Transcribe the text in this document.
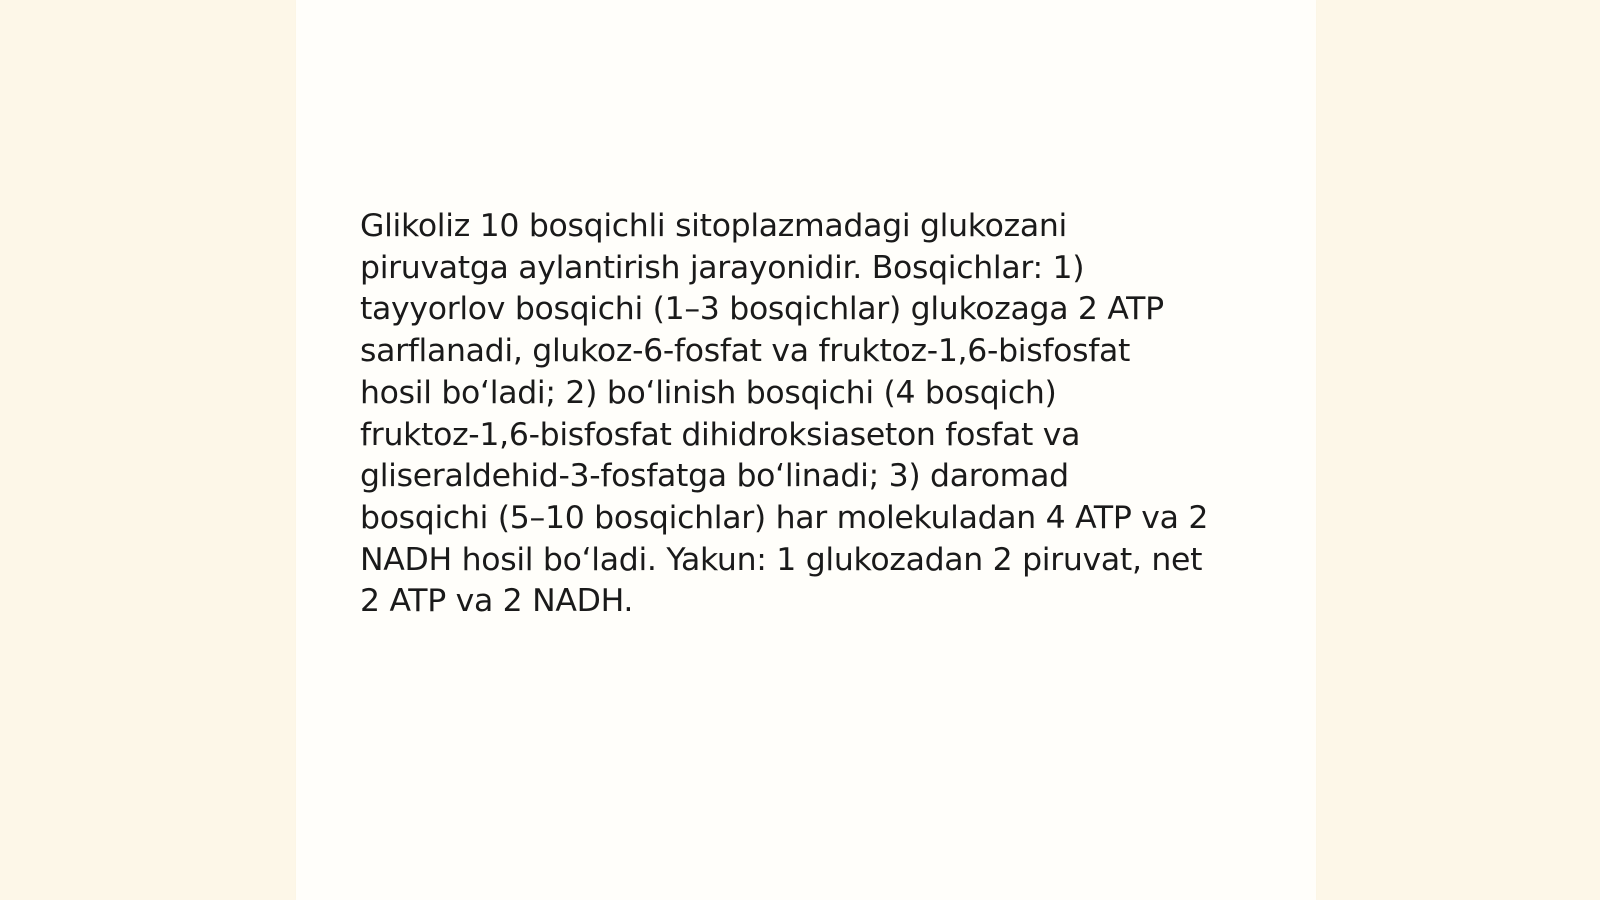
Glikoliz 10 bosqichli sitoplazmadagi glukozani
piruvatga aylantirish jarayonidir. Bosqichlar: 1)
tayyorlov bosqichi (1–3 bosqichlar) glukozaga 2 ATP
sarflanadi, glukoz-6-fosfat va fruktoz-1,6-bisfosfat
hosil boʻladi; 2) boʻlinish bosqichi (4 bosqich)
fruktoz-1,6-bisfosfat dihidroksiaseton fosfat va
gliseraldehid-3-fosfatga boʻlinadi; 3) daromad
bosqichi (5–10 bosqichlar) har molekuladan 4 ATP va 2
NADH hosil boʻladi. Yakun: 1 glukozadan 2 piruvat, net
2 ATP va 2 NADH.
